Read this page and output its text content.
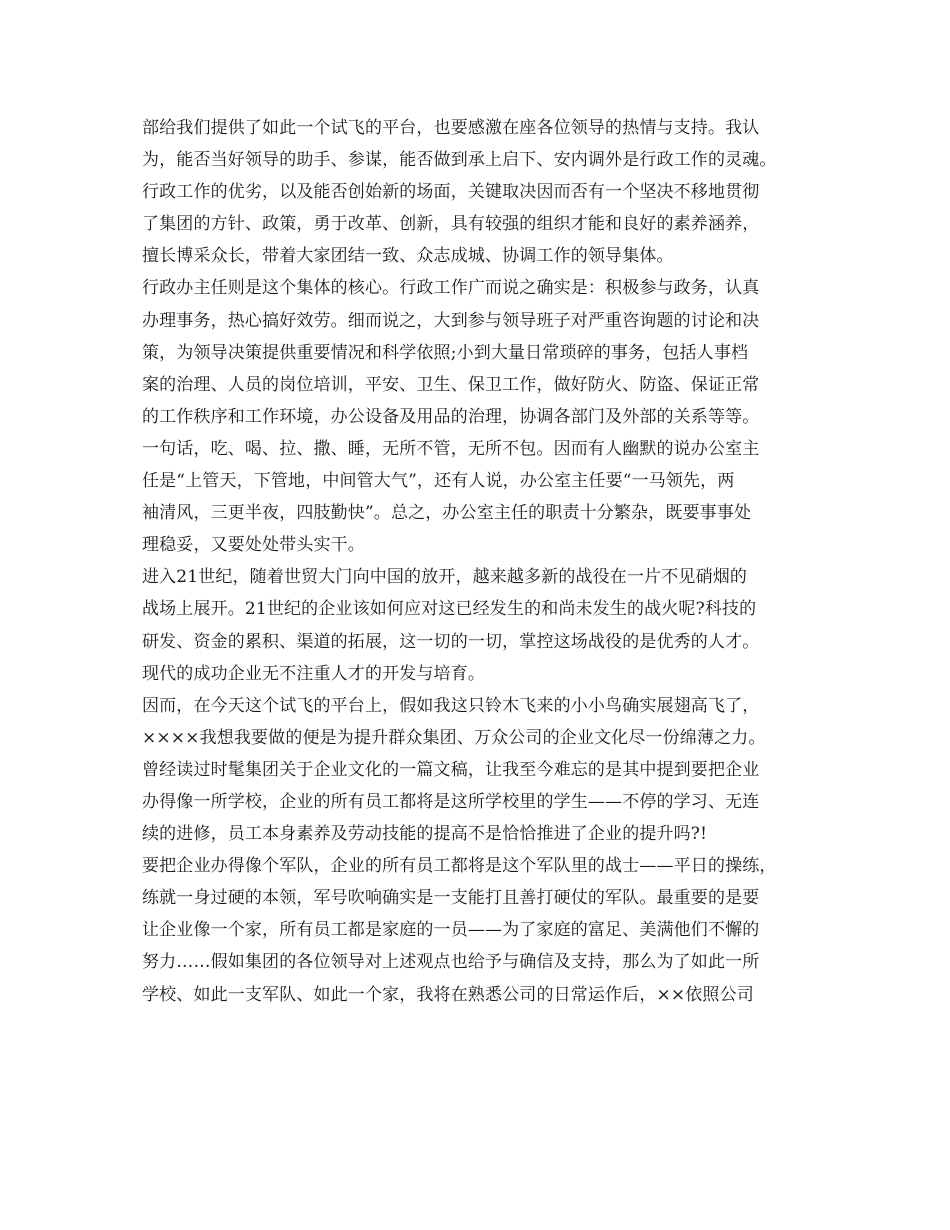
部给我们提供了如此一个试飞的平台，也要感激在座各位领导的热情与支持。我认
为，能否当好领导的助手、参谋，能否做到承上启下、安内调外是行政工作的灵魂。
行政工作的优劣，以及能否创始新的场面，关键取决因而否有一个坚决不移地贯彻
了集团的方针、政策，勇于改革、创新，具有较强的组织才能和良好的素养涵养，
擅长博采众长，带着大家团结一致、众志成城、协调工作的领导集体。
行政办主任则是这个集体的核心。行政工作广而说之确实是：积极参与政务，认真
办理事务，热心搞好效劳。细而说之，大到参与领导班子对严重咨询题的讨论和决
策，为领导决策提供重要情况和科学依照;小到大量日常琐碎的事务，包括人事档
案的治理、人员的岗位培训，平安、卫生、保卫工作，做好防火、防盗、保证正常
的工作秩序和工作环境，办公设备及用品的治理，协调各部门及外部的关系等等。
一句话，吃、喝、拉、撒、睡，无所不管，无所不包。因而有人幽默的说办公室主
任是“上管天，下管地，中间管大气”，还有人说，办公室主任要“一马领先，两
袖清风，三更半夜，四肢勤快”。总之，办公室主任的职责十分繁杂，既要事事处
理稳妥，又要处处带头实干。
进入21世纪，随着世贸大门向中国的放开，越来越多新的战役在一片不见硝烟的
战场上展开。21世纪的企业该如何应对这已经发生的和尚未发生的战火呢?科技的
研发、资金的累积、渠道的拓展，这一切的一切，掌控这场战役的是优秀的人才。
现代的成功企业无不注重人才的开发与培育。
因而，在今天这个试飞的平台上，假如我这只铃木飞来的小小鸟确实展翅高飞了，
××××我想我要做的便是为提升群众集团、万众公司的企业文化尽一份绵薄之力。
曾经读过时髦集团关于企业文化的一篇文稿，让我至今难忘的是其中提到要把企业
办得像一所学校，企业的所有员工都将是这所学校里的学生——不停的学习、无连
续的进修，员工本身素养及劳动技能的提高不是恰恰推进了企业的提升吗?!
要把企业办得像个军队，企业的所有员工都将是这个军队里的战士——平日的操练，
练就一身过硬的本领，军号吹响确实是一支能打且善打硬仗的军队。最重要的是要
让企业像一个家，所有员工都是家庭的一员——为了家庭的富足、美满他们不懈的
努力……假如集团的各位领导对上述观点也给予与确信及支持，那么为了如此一所
学校、如此一支军队、如此一个家，我将在熟悉公司的日常运作后，××依照公司
